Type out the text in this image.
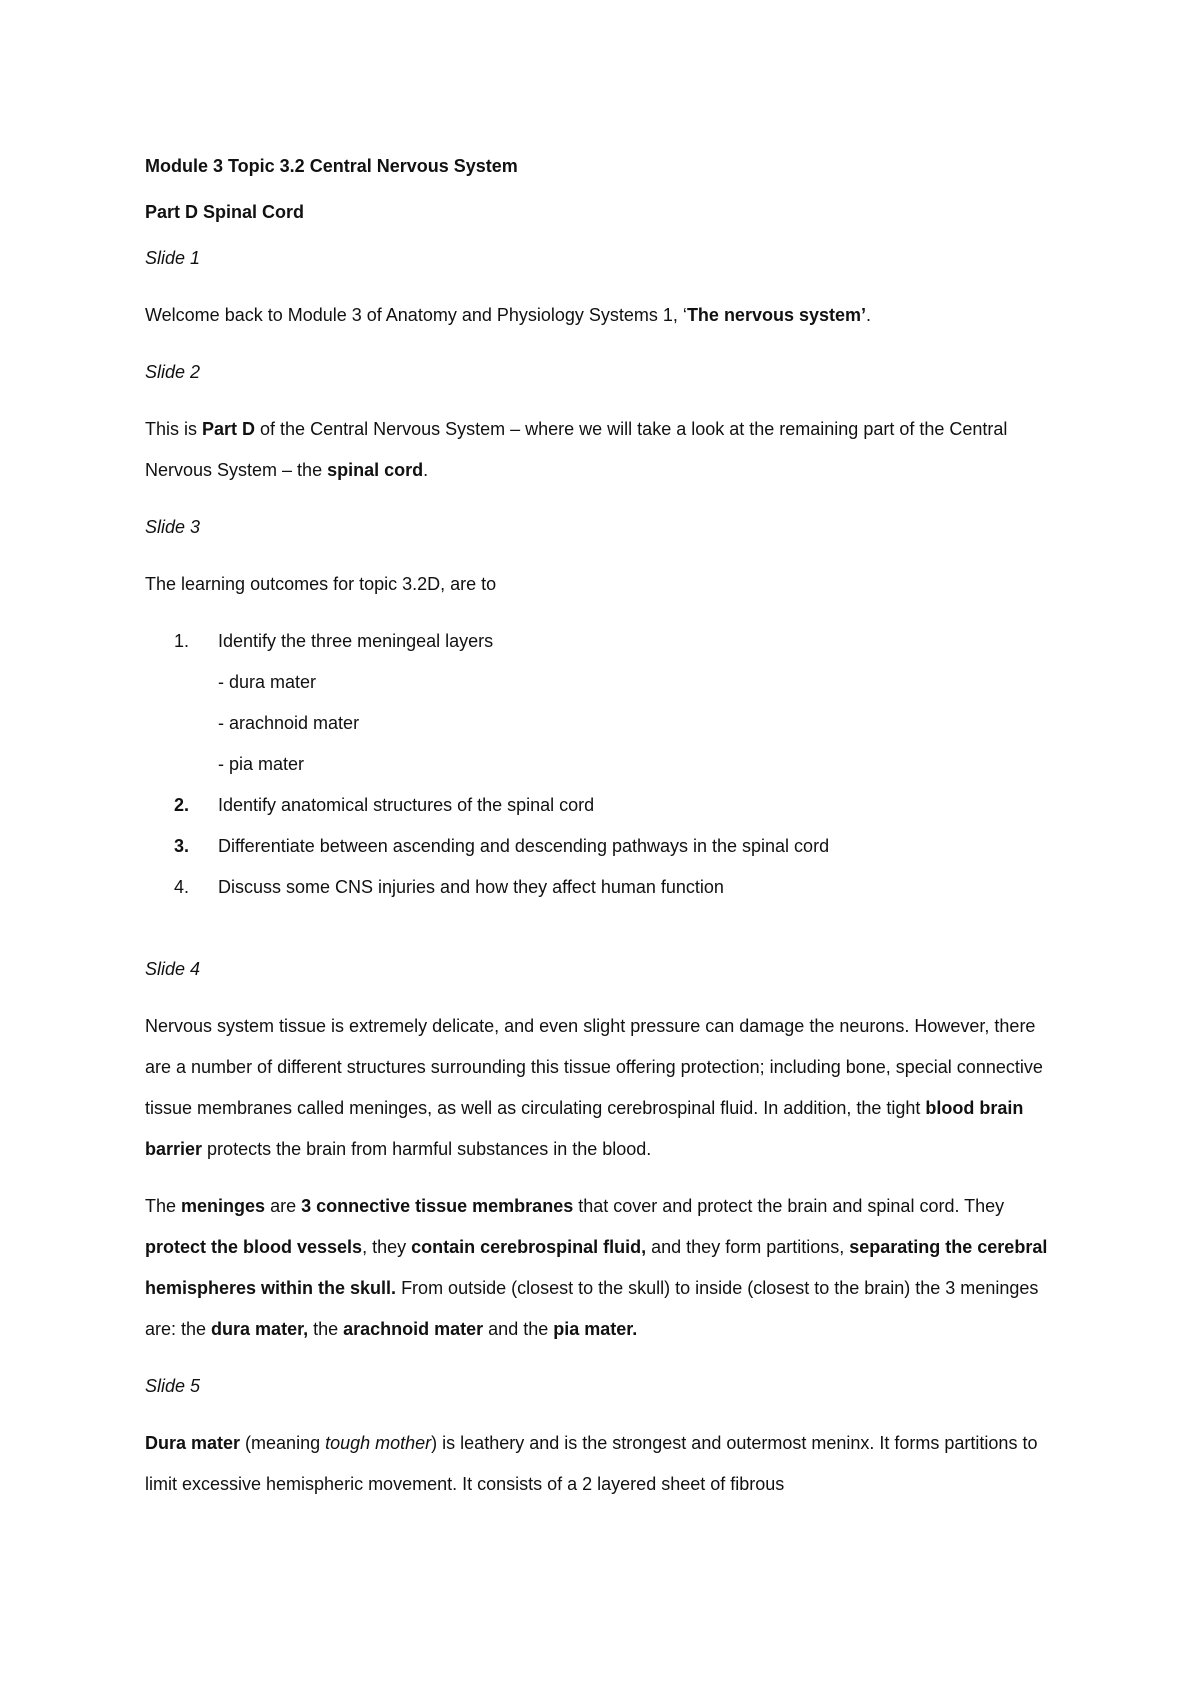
Module 3 Topic 3.2 Central Nervous System
Part D Spinal Cord
Slide 1

Welcome back to Module 3 of Anatomy and Physiology Systems 1, ‘The nervous system’.

Slide 2

This is Part D of the Central Nervous System – where we will take a look at the remaining part of the Central Nervous System – the spinal cord.

Slide 3

The learning outcomes for topic 3.2D, are to

1.	Identify the three meningeal layers
- dura mater
- arachnoid mater
- pia mater
2.	Identify anatomical structures of the spinal cord
3.	Differentiate between ascending and descending pathways in the spinal cord
4.	Discuss some CNS injuries and how they affect human function
Slide 4

Nervous system tissue is extremely delicate, and even slight pressure can damage the neurons. However, there are a number of different structures surrounding this tissue offering protection; including bone, special connective tissue membranes called meninges, as well as circulating cerebrospinal fluid. In addition, the tight blood brain barrier protects the brain from harmful substances in the blood.

The meninges are 3 connective tissue membranes that cover and protect the brain and spinal cord. They protect the blood vessels, they contain cerebrospinal fluid, and they form partitions, separating the cerebral hemispheres within the skull. From outside (closest to the skull) to inside (closest to the brain) the 3 meninges are: the dura mater, the arachnoid mater and the pia mater.

Slide 5

Dura mater (meaning tough mother) is leathery and is the strongest and outermost meninx. It forms partitions to limit excessive hemispheric movement. It consists of a 2 layered sheet of fibrous
